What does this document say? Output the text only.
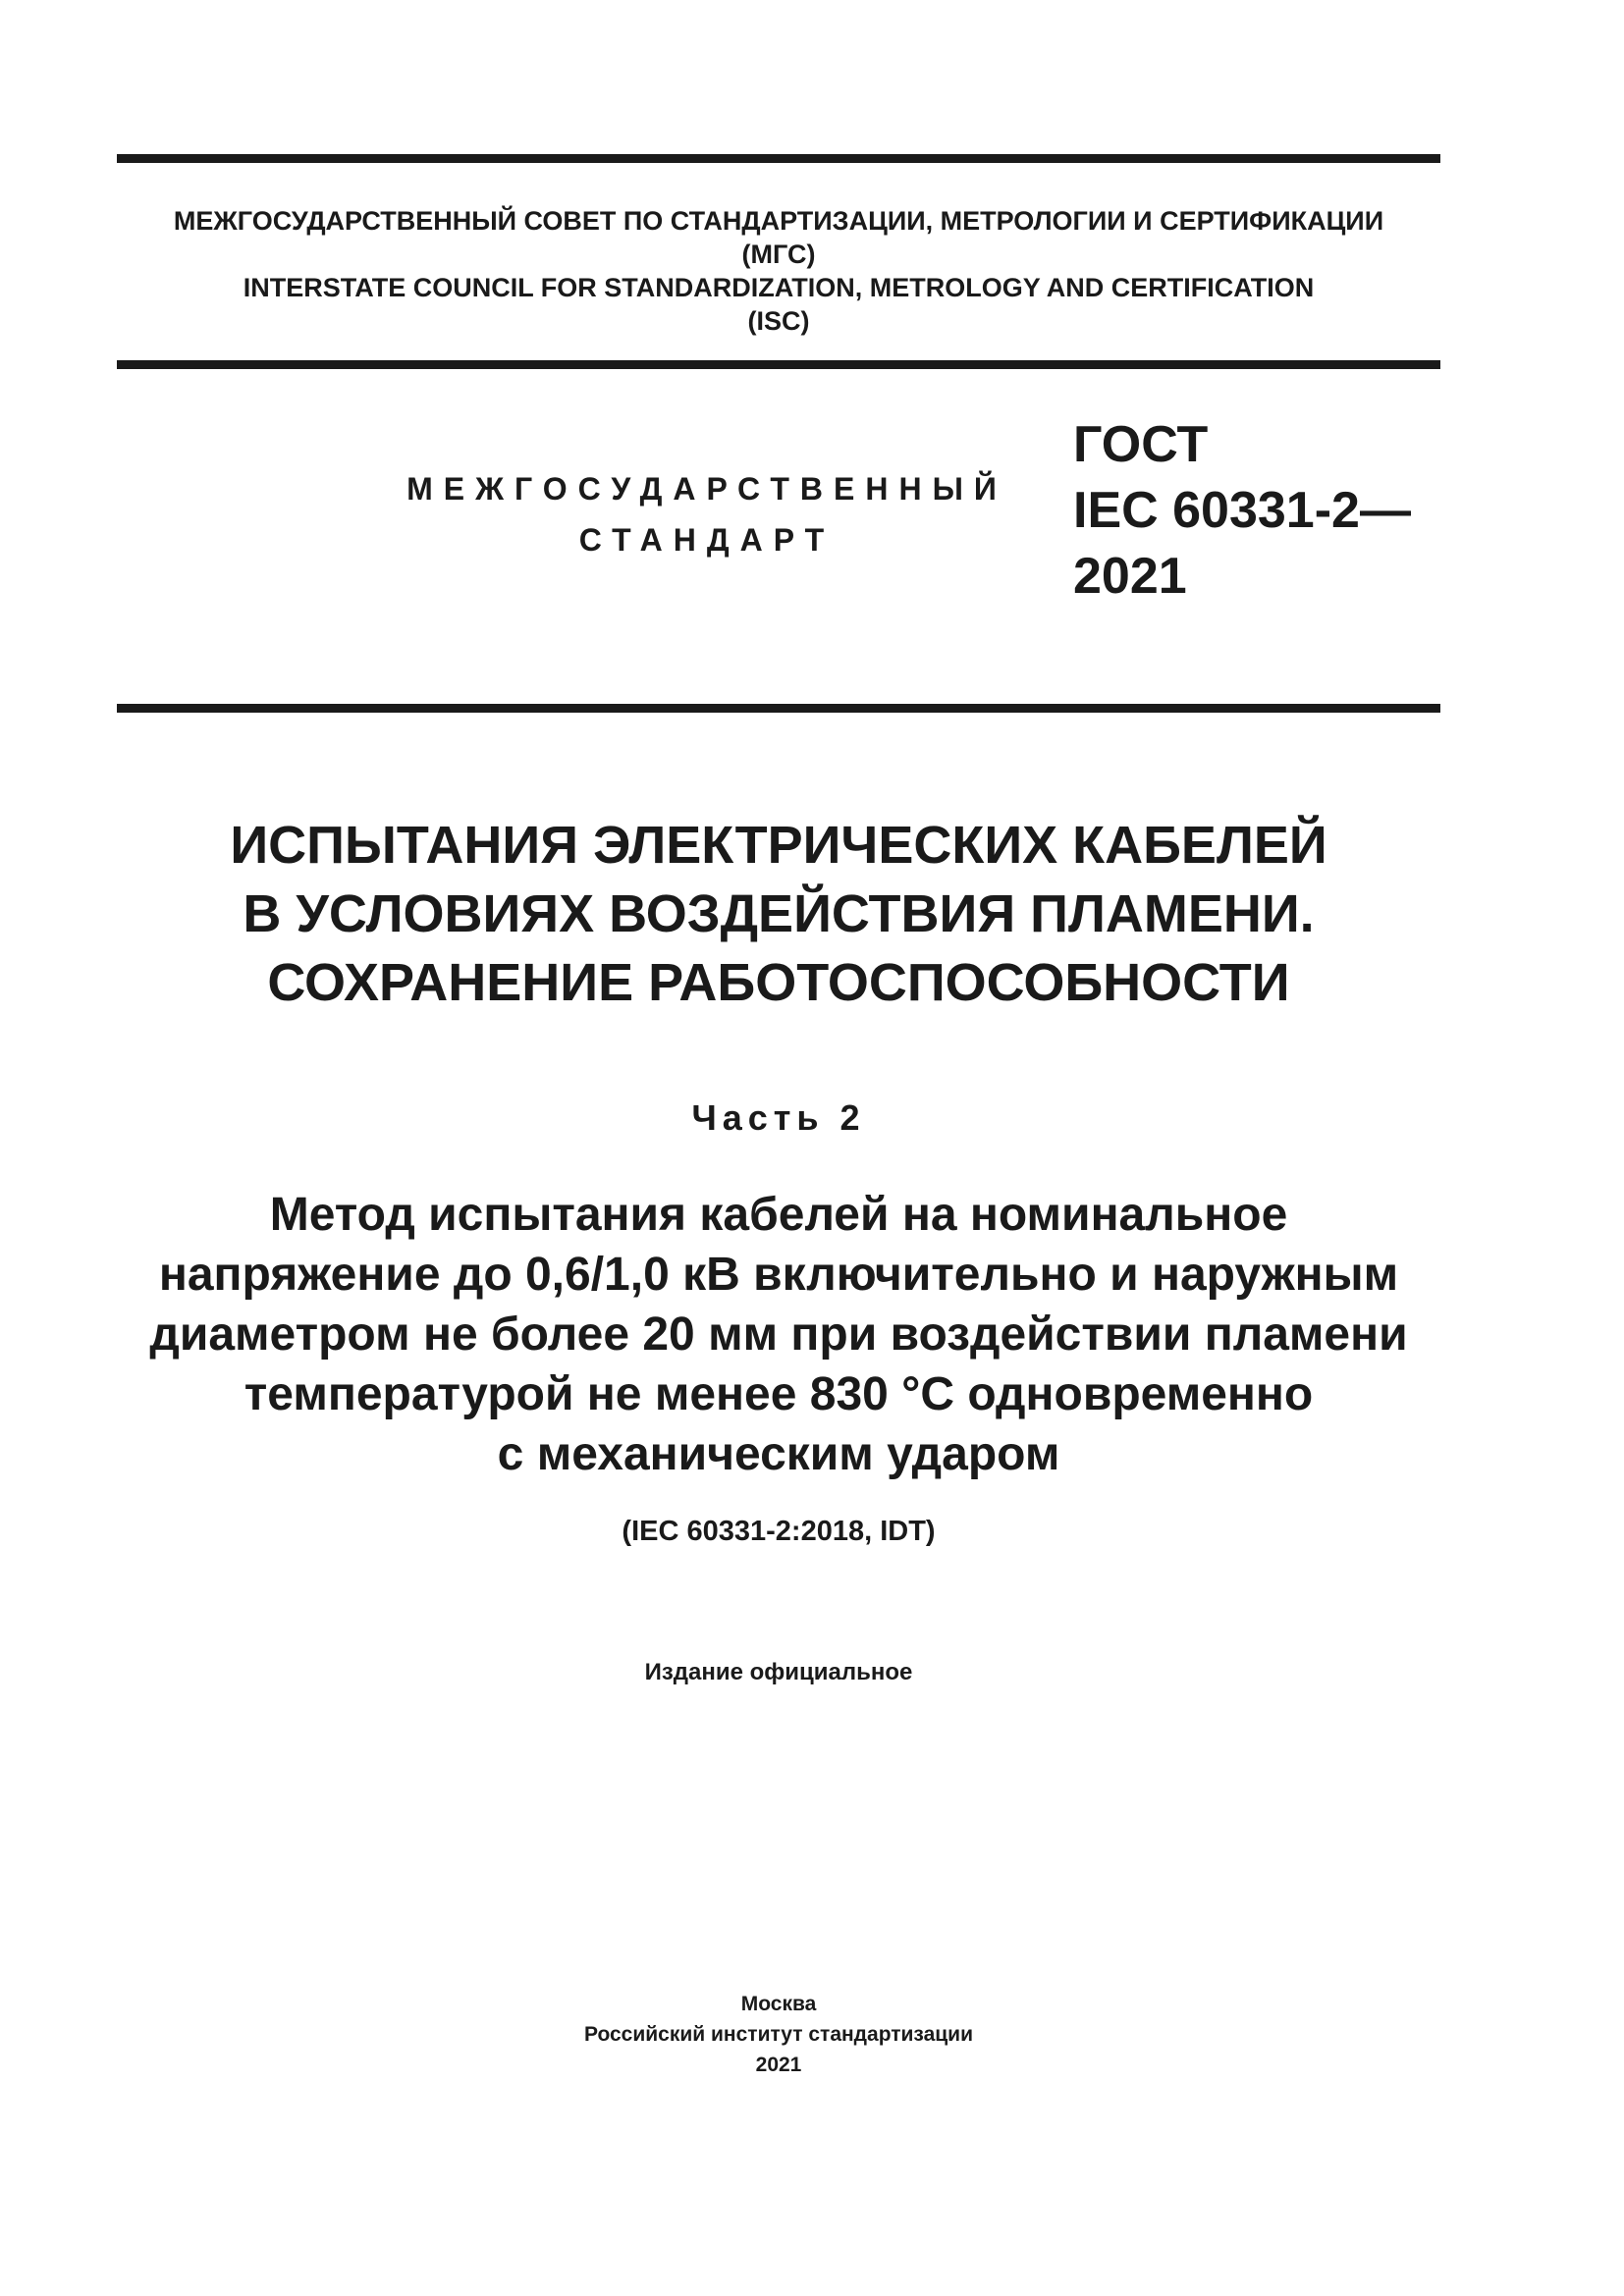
МЕЖГОСУДАРСТВЕННЫЙ СОВЕТ ПО СТАНДАРТИЗАЦИИ, МЕТРОЛОГИИ И СЕРТИФИКАЦИИ
(МГС)
INTERSTATE COUNCIL FOR STANDARDIZATION, METROLOGY AND CERTIFICATION
(ISC)
МЕЖГОСУДАРСТВЕННЫЙ
СТАНДАРТ
ГОСТ
IEC 60331-2—
2021
ИСПЫТАНИЯ ЭЛЕКТРИЧЕСКИХ КАБЕЛЕЙ
В УСЛОВИЯХ ВОЗДЕЙСТВИЯ ПЛАМЕНИ.
СОХРАНЕНИЕ РАБОТОСПОСОБНОСТИ
Часть 2
Метод испытания кабелей на номинальное
напряжение до 0,6/1,0 кВ включительно и наружным
диаметром не более 20 мм при воздействии пламени
температурой не менее 830 °С одновременно
с механическим ударом
(IEC 60331-2:2018, IDT)
Издание официальное
Москва
Российский институт стандартизации
2021
